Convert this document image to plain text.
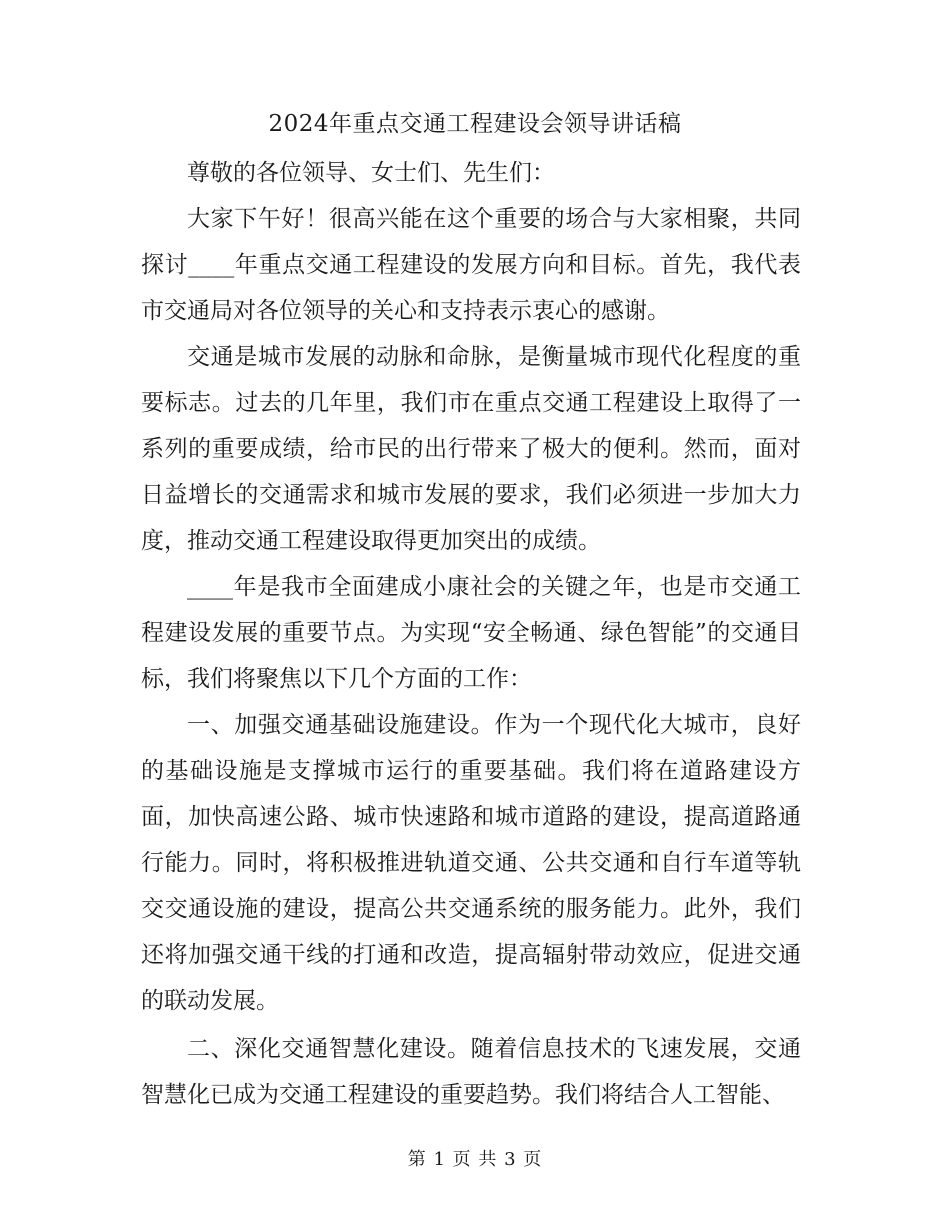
2024年重点交通工程建设会领导讲话稿

尊敬的各位领导、女士们、先生们：

大家下午好！很高兴能在这个重要的场合与大家相聚，共同探讨____年重点交通工程建设的发展方向和目标。首先，我代表市交通局对各位领导的关心和支持表示衷心的感谢。

交通是城市发展的动脉和命脉，是衡量城市现代化程度的重要标志。过去的几年里，我们市在重点交通工程建设上取得了一系列的重要成绩，给市民的出行带来了极大的便利。然而，面对日益增长的交通需求和城市发展的要求，我们必须进一步加大力度，推动交通工程建设取得更加突出的成绩。

____年是我市全面建成小康社会的关键之年，也是市交通工程建设发展的重要节点。为实现“安全畅通、绿色智能”的交通目标，我们将聚焦以下几个方面的工作：

一、加强交通基础设施建设。作为一个现代化大城市，良好的基础设施是支撑城市运行的重要基础。我们将在道路建设方面，加快高速公路、城市快速路和城市道路的建设，提高道路通行能力。同时，将积极推进轨道交通、公共交通和自行车道等轨交交通设施的建设，提高公共交通系统的服务能力。此外，我们还将加强交通干线的打通和改造，提高辐射带动效应，促进交通的联动发展。

二、深化交通智慧化建设。随着信息技术的飞速发展，交通智慧化已成为交通工程建设的重要趋势。我们将结合人工智能、

第 1 页 共 3 页
